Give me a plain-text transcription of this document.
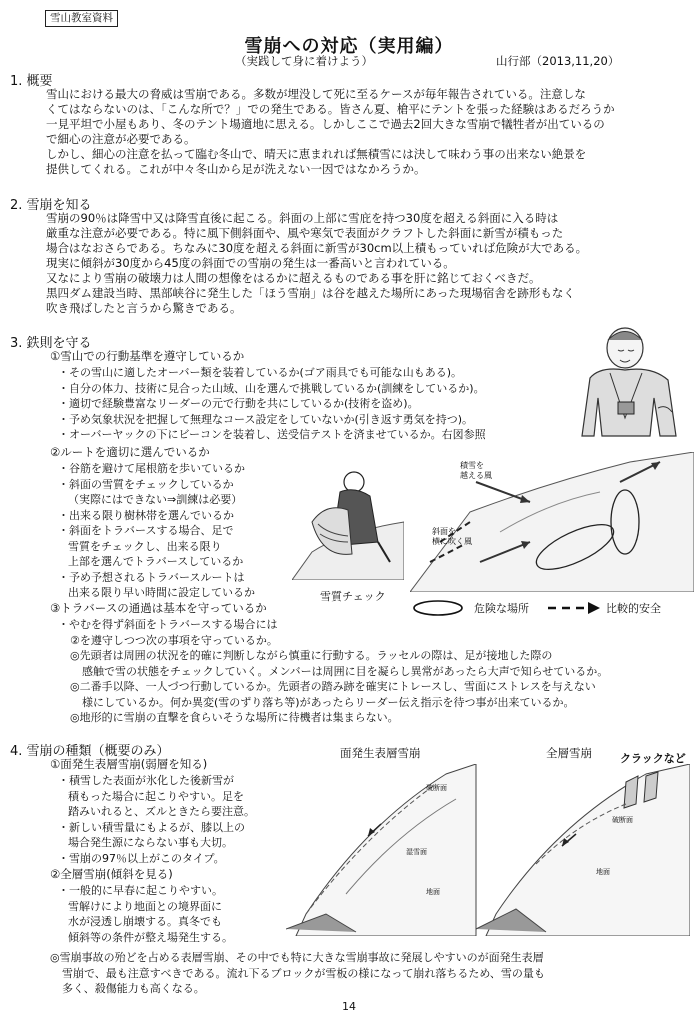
雪山教室資料
雪崩への対応（実用編）
（実践して身に着けよう）	山行部（2013,11,20）
1. 概要
雪山における最大の脅威は雪崩である。多数が埋没して死に至るケースが毎年報告されている。注意しな
くてはならないのは、「こんな所で？」での発生である。皆さん夏、槍平にテントを張った経験はあるだろうか
一見平坦で小屋もあり、冬のテント場適地に思える。しかしここで過去2回大きな雪崩で犠牲者が出ているの
で細心の注意が必要である。
しかし、細心の注意を払って臨む冬山で、晴天に恵まれれば無積雪には決して味わう事の出来ない絶景を
提供してくれる。これが中々冬山から足が洗えない一因ではなかろうか。
2. 雪崩を知る
雪崩の90％は降雪中又は降雪直後に起こる。斜面の上部に雪庇を持つ30度を超える斜面に入る時は
厳重な注意が必要である。特に風下側斜面や、風や寒気で表面がクラフトした斜面に新雪が積もった
場合はなおさらである。ちなみに30度を超える斜面に新雪が30cm以上積もっていれば危険が大である。
現実に傾斜が30度から45度の斜面での雪崩の発生は一番高いと言われている。
又なにより雪崩の破壊力は人間の想像をはるかに超えるものである事を肝に銘じておくべきだ。
黒四ダム建設当時、黒部峡谷に発生した「ほう雪崩」は谷を越えた場所にあった現場宿舎を跡形もなく
吹き飛ばしたと言うから驚きである。
3. 鉄則を守る
①雪山での行動基準を遵守しているか
・その雪山に適したオーバー類を装着しているか(ゴア雨具でも可能な山もある)。
・自分の体力、技術に見合った山域、山を選んで挑戦しているか(訓練をしているか)。
・適切で経験豊富なリーダーの元で行動を共にしているか(技術を盗め)。
・予め気象状況を把握して無理なコース設定をしていないか(引き返す勇気を持つ)。
・オーバーヤックの下にビーコンを装着し、送受信テストを済ませているか。右図参照
②ルートを適切に選んでいるか
・谷筋を避けて尾根筋を歩いているか
・斜面の雪質をチェックしているか
（実際にはできない⇒訓練は必要）
・出来る限り樹林帯を選んでいるか
・斜面をトラバースする場合、足で
雪質をチェックし、出来る限り
上部を選んでトラバースしているか
・予め予想されるトラバースルートは
出来る限り早い時間に設定しているか	雪質チェック
積雪を
越える風
斜面を
横に吹く風
危険な場所	比較的安全
③トラバースの通過は基本を守っているか
・やむを得ず斜面をトラバースする場合には
②を遵守しつつ次の事項を守っているか。
◎先頭者は周囲の状況を的確に判断しながら慎重に行動する。ラッセルの際は、足が接地した際の
感触で雪の状態をチェックしていく。メンバーは周囲に目を凝らし異常があったら大声で知らせているか。
◎二番手以降、一人づつ行動しているか。先頭者の踏み跡を確実にトレースし、雪面にストレスを与えない
様にしているか。何か異変(雪のずり落ち等)があったらリーダー伝え指示を待つ事が出来ているか。
◎地形的に雪崩の直撃を食らいそうな場所に待機者は集まらない。
4. 雪崩の種類（概要のみ）
①面発生表層雪崩(弱層を知る)
・積雪した表面が氷化した後新雪が
積もった場合に起こりやすい。足を
踏みいれると、ズルときたら要注意。
・新しい積雪量にもよるが、膝以上の
場合発生源にならない事も大切。
・雪崩の97％以上がこのタイプ。
②全層雪崩(傾斜を見る)
・一般的に早春に起こりやすい。
雪解けにより地面との境界面に
水が浸透し崩壊する。真冬でも
傾斜等の条件が整え場発生する。
面発生表層雪崩	全層雪崩	クラックなど
破断面
湿雪面
地面
破断面
地面
◎雪崩事故の殆どを占める表層雪崩、その中でも特に大きな雪崩事故に発展しやすいのが面発生表層
雪崩で、最も注意すべきである。流れ下るブロックが雪板の様になって崩れ落ちるため、雪の量も
多く、殺傷能力も高くなる。
14
